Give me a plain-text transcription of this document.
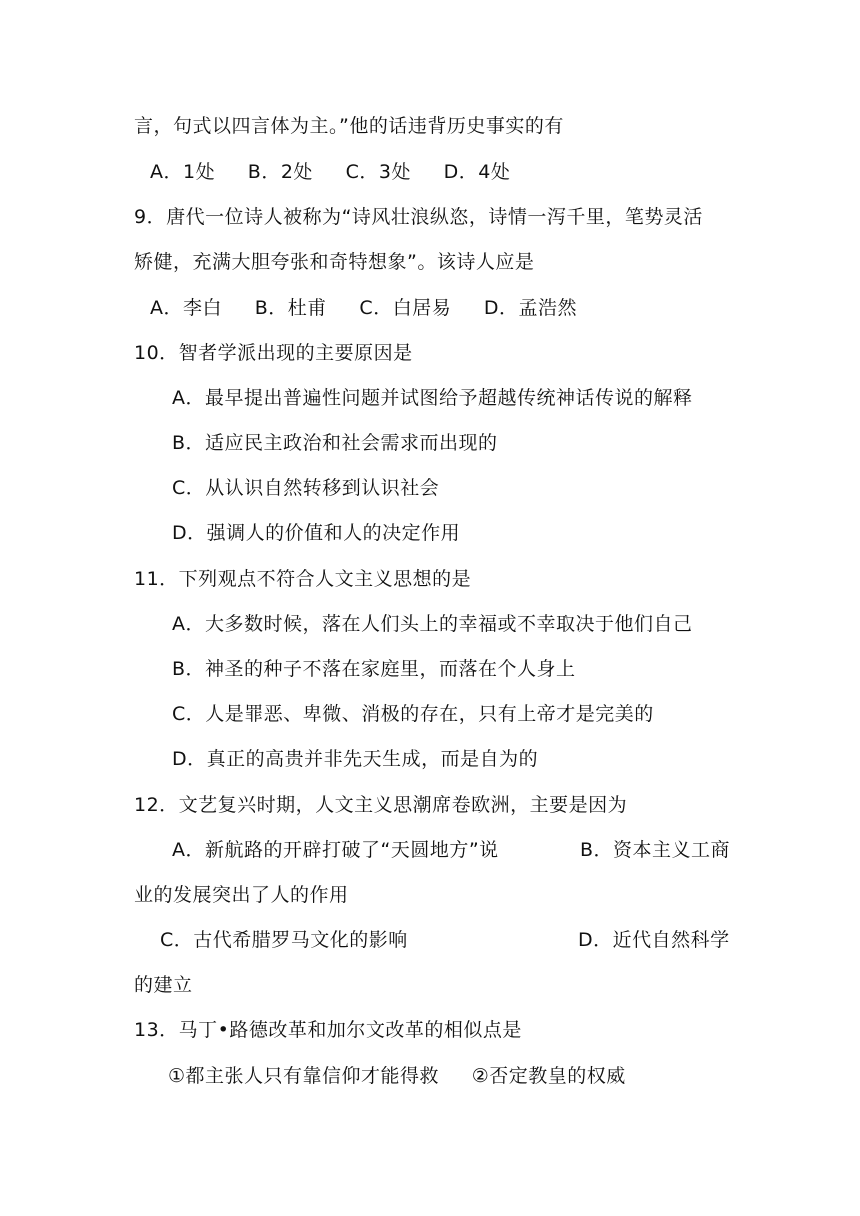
言，句式以四言体为主。”他的话违背历史事实的有
A．1处     B．2处     C．3处     D．4处
9．唐代一位诗人被称为“诗风壮浪纵恣，诗情一泻千里，笔势灵活
矫健，充满大胆夸张和奇特想象”。该诗人应是
A．李白     B．杜甫     C．白居易     D．孟浩然
10．智者学派出现的主要原因是
A．最早提出普遍性问题并试图给予超越传统神话传说的解释
B．适应民主政治和社会需求而出现的
C．从认识自然转移到认识社会
D．强调人的价值和人的决定作用
11．下列观点不符合人文主义思想的是
A．大多数时候，落在人们头上的幸福或不幸取决于他们自己
B．神圣的种子不落在家庭里，而落在个人身上
C．人是罪恶、卑微、消极的存在，只有上帝才是完美的
D．真正的高贵并非先天生成，而是自为的
12．文艺复兴时期，人文主义思潮席卷欧洲，主要是因为
A．新航路的开辟打破了“天圆地方”说	B．资本主义工商
业的发展突出了人的作用
C．古代希腊罗马文化的影响	D．近代自然科学
的建立
13．马丁•路德改革和加尔文改革的相似点是
①都主张人只有靠信仰才能得救     ②否定教皇的权威
